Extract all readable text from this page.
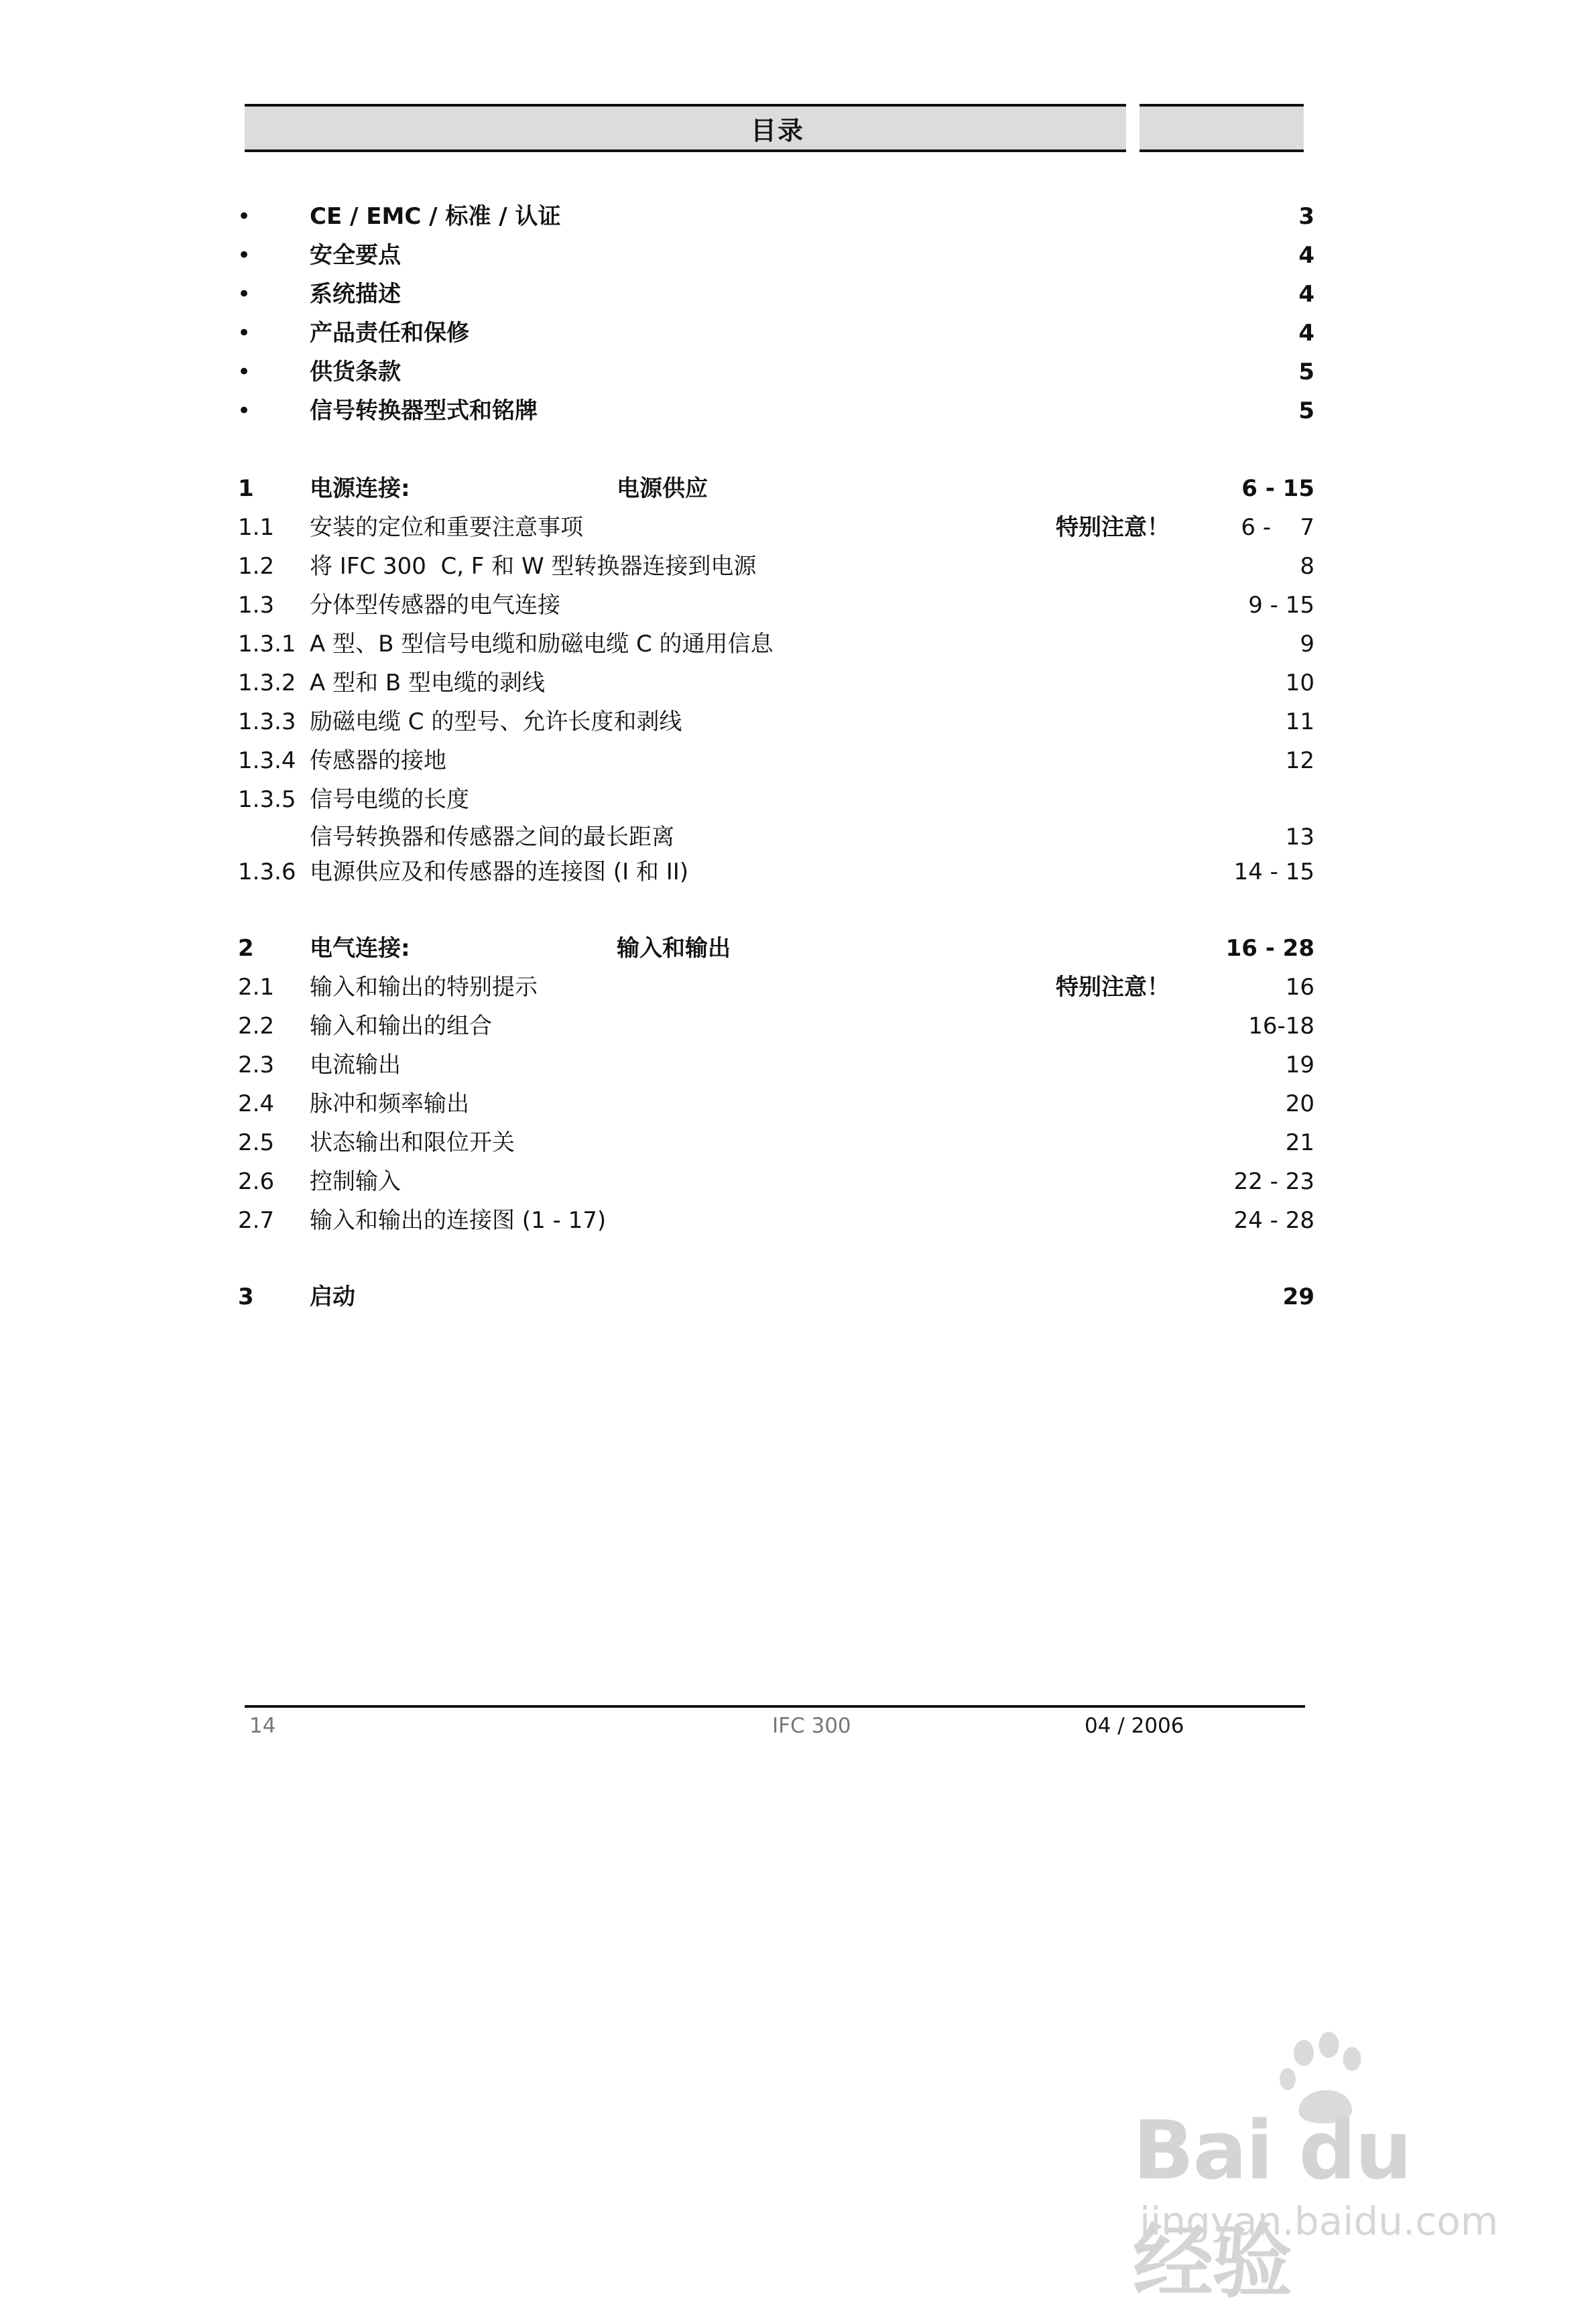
目录
•	CE / EMC / 标准 / 认证	3
•	安全要点	4
•	系统描述	4
•	产品责任和保修	4
•	供货条款	5
•	信号转换器型式和铭牌	5
1 电源连接:	电源供应	6 - 15
1.1 安装的定位和重要注意事项	特别注意！	6 -    7
1.2 将 IFC 300  C, F 和 W 型转换器连接到电源	8
1.3 分体型传感器的电气连接	9 - 15
1.3.1 A 型、B 型信号电缆和励磁电缆 C 的通用信息	9
1.3.2 A 型和 B 型电缆的剥线	10
1.3.3 励磁电缆 C 的型号、允许长度和剥线	11
1.3.4 传感器的接地	12
1.3.5 信号电缆的长度
信号转换器和传感器之间的最长距离	13
1.3.6 电源供应及和传感器的连接图 (I 和 II)	14 - 15
2 电气连接:	输入和输出	16 - 28
2.1 输入和输出的特别提示	特别注意！	16
2.2 输入和输出的组合	16-18
2.3 电流输出	19
2.4 脉冲和频率输出	20
2.5 状态输出和限位开关	21
2.6 控制输入	22 - 23
2.7 输入和输出的连接图 (1 - 17)	24 - 28
3 启动	29
14	IFC 300	04 / 2006
Bai du 经验
jingyan.baidu.com
